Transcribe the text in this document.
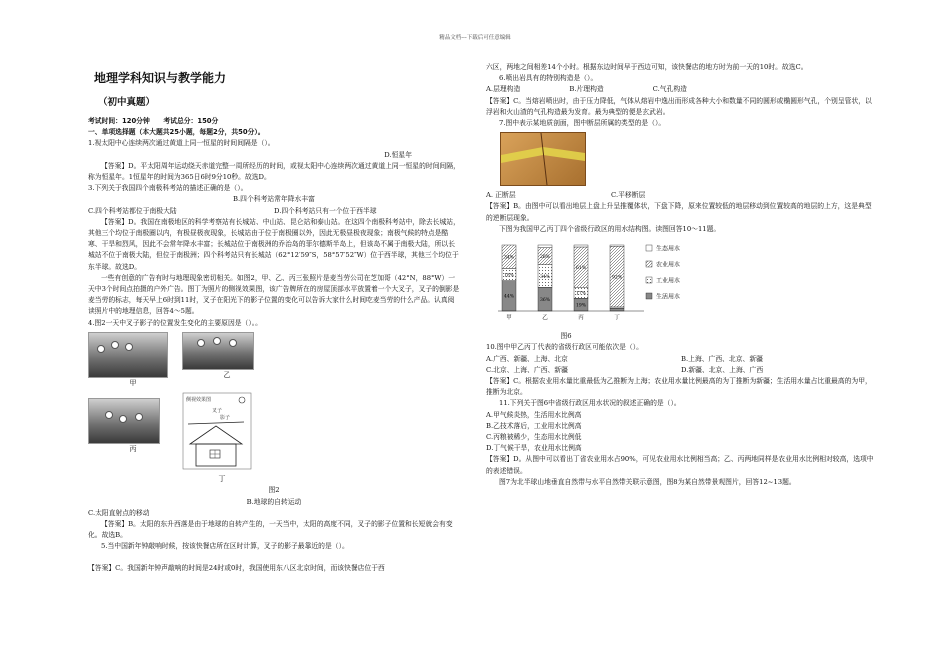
精品文档---下载后可任意编辑

地理学科知识与教学能力

（初中真题）

考试时间：120分钟　　考试总分：150分

一、单项选择题（本大题共25小题，每题2分，共50分）。

1.视太阳中心连续两次通过黄道上同一恒星的时间间隔是（）。

D.恒星年

【答案】D。平太阳周年运动绕天赤道完整一周所经历的时间，或视太阳中心连续两次通过黄道上同一恒星的时间间隔，称为恒星年。1恒星年的时间为365日6时9分10秒。故选D。

3.下列关于我国四个南极科考站的描述正确的是（）。

B.四个科考站常年降水丰富

C.四个科考站都位于南极大陆	D.四个科考站只有一个位于西半球

【答案】D。我国在南极地区的科学考察站有长城站、中山站、昆仑站和泰山站。在这四个南极科考站中，除去长城站，其他三个均位于南极圈以内，有极昼极夜现象，长城站由于位于南极圈以外，因此无极昼极夜现象；南极气候的特点是酷寒、干旱和烈风，因此不会常年降水丰富；长城站位于南极洲的乔治岛的菲尔德斯半岛上，但该岛不属于南极大陆，所以长城站不位于南极大陆，但位于南极洲；四个科考站只有长城站（62°12′59″S，58°57′52″W）位于西半球，其他三个均位于东半球。故选D。

一些有创意的广告有时与地理现象密切相关。如图2，甲、乙、丙三张照片是麦当劳公司在芝加哥（42°N，88°W）一天中3个时间点拍摄的户外广告。图丁为照片的侧视效果图，该广告牌所在的房屋顶部水平放置着一个大叉子，叉子的倒影是麦当劳的标志，每天早上6时到11时，叉子在阳光下的影子位置的变化可以告诉大家什么时间吃麦当劳的什么产品。认真阅读照片中的地理信息，回答4～5题。

4.图2一天中叉子影子的位置发生变化的主要原因是（）。。

甲
乙
丙
侧视效果图
叉子
影子
丁

图2

B.地球的自转运动

C.太阳直射点的移动

【答案】B。太阳的东升西落是由于地球的自转产生的，一天当中，太阳的高度不同，叉子的影子位置和长短就会有变化。故选B。

5.当中国新年钟敲响时候，按该快餐店所在区时计算，叉子的影子最靠近的是（）。

【答案】C。我国新年钟声敲响的时间是24时或0时，我国使用东八区北京时间，而该快餐店位于西

六区，两地之间相差14个小时。根据东边时间早于西边可知，该快餐店的地方时为前一天的10时。故选C。

6.喷出岩具有的特别构造是（）。

A.层理构造	B.片理构造	C.气孔构造

【答案】C。当熔岩喷出时，由于压力降低，气体从熔岩中逸出而形成各种大小和数量不同的圆形或椭圆形气孔，个别呈管状，以浮岩和火山渣的气孔构造最为发育。最为典型的便是玄武岩。

7.图中表示某地质剖面，图中断层所属的类型的是（）。

A. 正断层	C.平移断层

【答案】B。由图中可以看出地层上盘上升呈推覆体状，下盘下降，原来位置较低的地层移动到位置较高的地层的上方，这是典型的逆断层现象。

下图为我国甲乙丙丁四个省级行政区的用水结构图。读图回答10～11题。

44%
18%
34%
甲
36%
34%
26%
乙
19%
17%
61%
丙
92%
丁
生态用水
农业用水
工业用水
生活用水

图6

10.图中甲乙丙丁代表的省级行政区可能依次是（）。

A.广西、新疆、上海、北京	B.上海、广西、北京、新疆
C.北京、上海、广西、新疆	D.新疆、北京、上海、广西

【答案】C。根据农业用水量比重最低为乙推断为上海；农业用水量比例最高的为丁推断为新疆；生活用水量占比重最高的为甲，推断为北京。

11.下列关于图6中省级行政区用水状况的叙述正确的是（）。

A.甲气候炎热，生活用水比例高

B.乙技术落后，工业用水比例高

C.丙粮被稀少，生态用水比例低

D.丁气候干旱，农业用水比例高

【答案】D。从图中可以看出丁省农业用水占90%，可见农业用水比例相当高；乙、丙两地同样是农业用水比例相对较高，选项中的表述错误。

图7为北半球山地垂直自然带与水平自然带关联示意图，图8为某自然带景观图片，回答12~13题。
